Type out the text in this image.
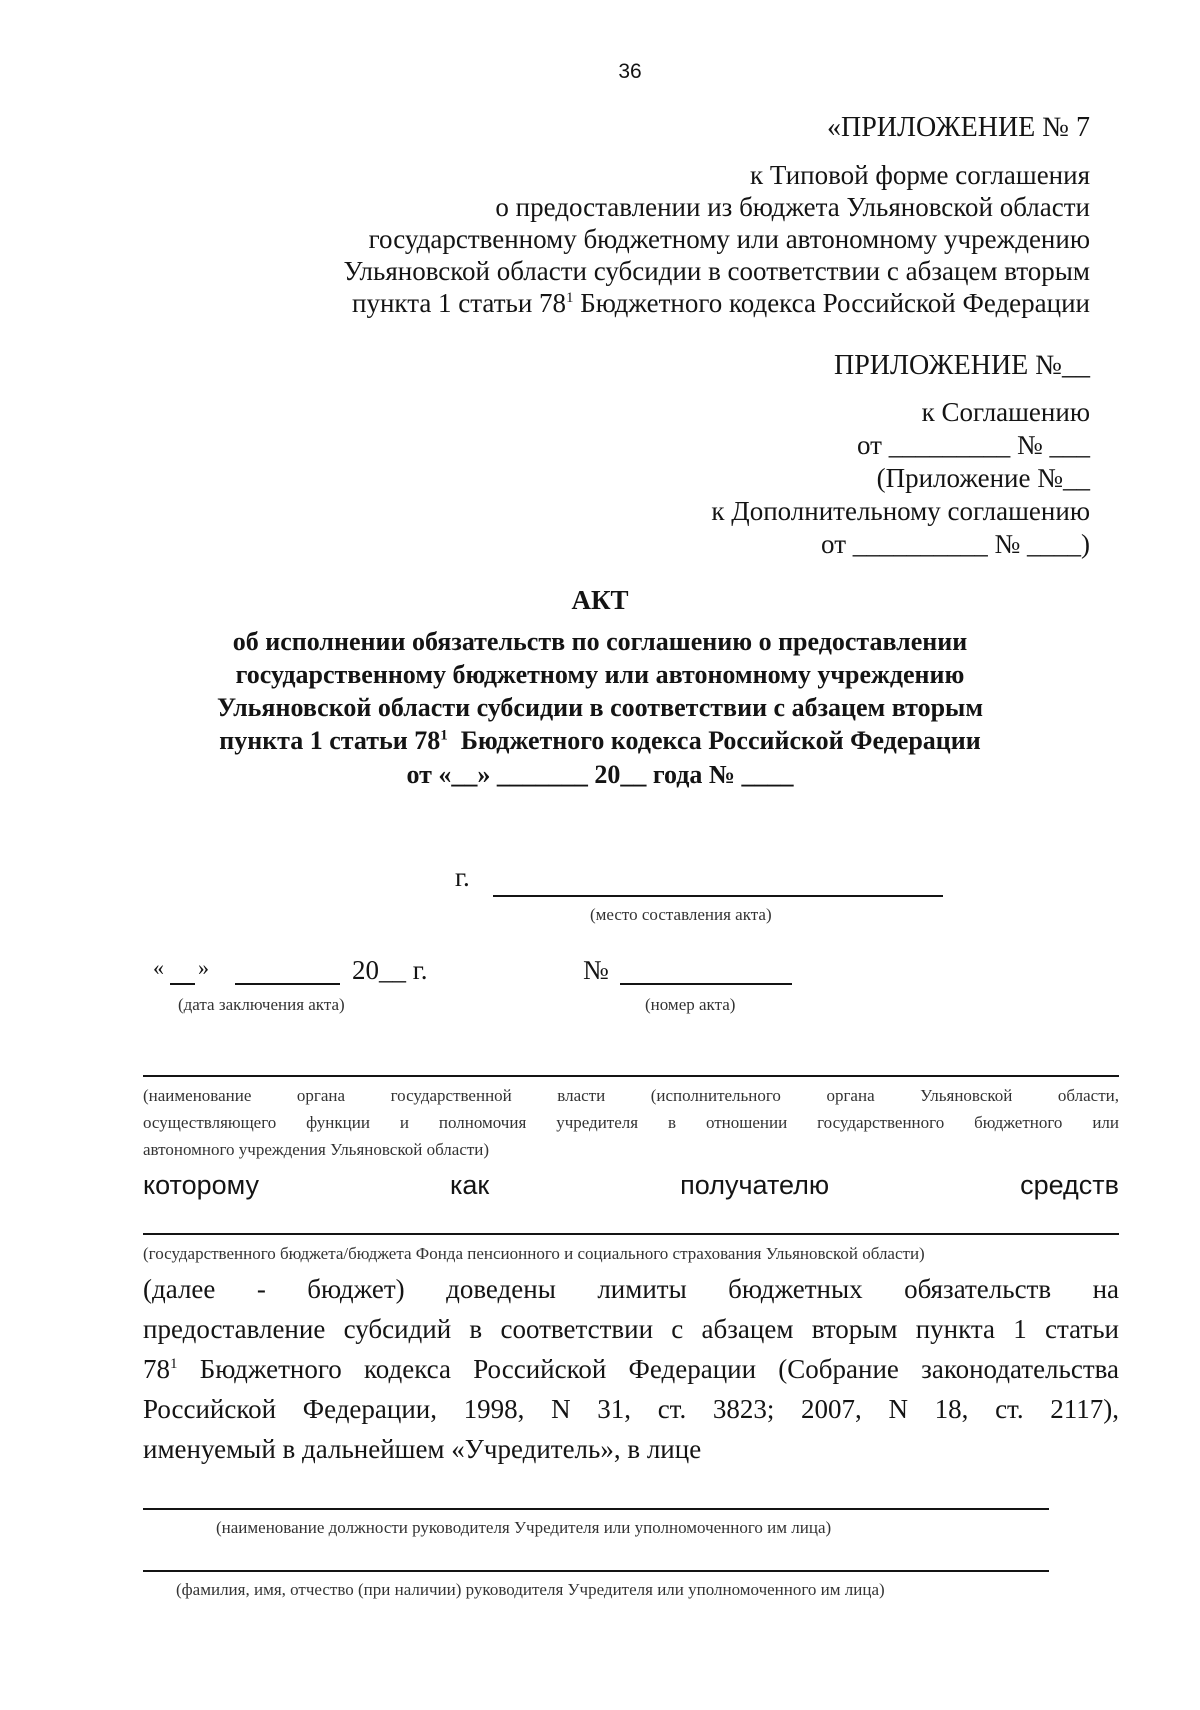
36
«ПРИЛОЖЕНИЕ № 7
к Типовой форме соглашения
о предоставлении из бюджета Ульяновской области
государственному бюджетному или автономному учреждению
Ульяновской области субсидии в соответствии с абзацем вторым
пункта 1 статьи $78^1$ Бюджетного кодекса Российской Федерации
ПРИЛОЖЕНИЕ №__
к Соглашению
от _________ № ___
(Приложение №__
к Дополнительному соглашению
от __________ № ____)
АКТ
об исполнении обязательств по соглашению о предоставлении
государственному бюджетному или автономному учреждению
Ульяновской области субсидии в соответствии с абзацем вторым
пункта 1 статьи $78^1$ Бюджетного кодекса Российской Федерации
от «__» _______ 20__ года № ____
г.
(место составления акта)
« »	20__ г.
(дата заключения акта)
№
(номер акта)
(наименование органа государственной власти (исполнительного органа Ульяновской области,
осуществляющего функции и полномочия учредителя в отношении государственного бюджетного или
автономного учреждения Ульяновской области)
которому	как	получателю	средств
(государственного бюджета/бюджета Фонда пенсионного и социального страхования Ульяновской области)
(далее - бюджет) доведены лимиты бюджетных обязательств на
предоставление субсидий в соответствии с абзацем вторым пункта 1 статьи
$78^1$ Бюджетного кодекса Российской Федерации (Собрание законодательства
Российской Федерации, 1998, N 31, ст. 3823; 2007, N 18, ст. 2117),
именуемый в дальнейшем «Учредитель», в лице
(наименование должности руководителя Учредителя или уполномоченного им лица)
(фамилия, имя, отчество (при наличии) руководителя Учредителя или уполномоченного им лица)
